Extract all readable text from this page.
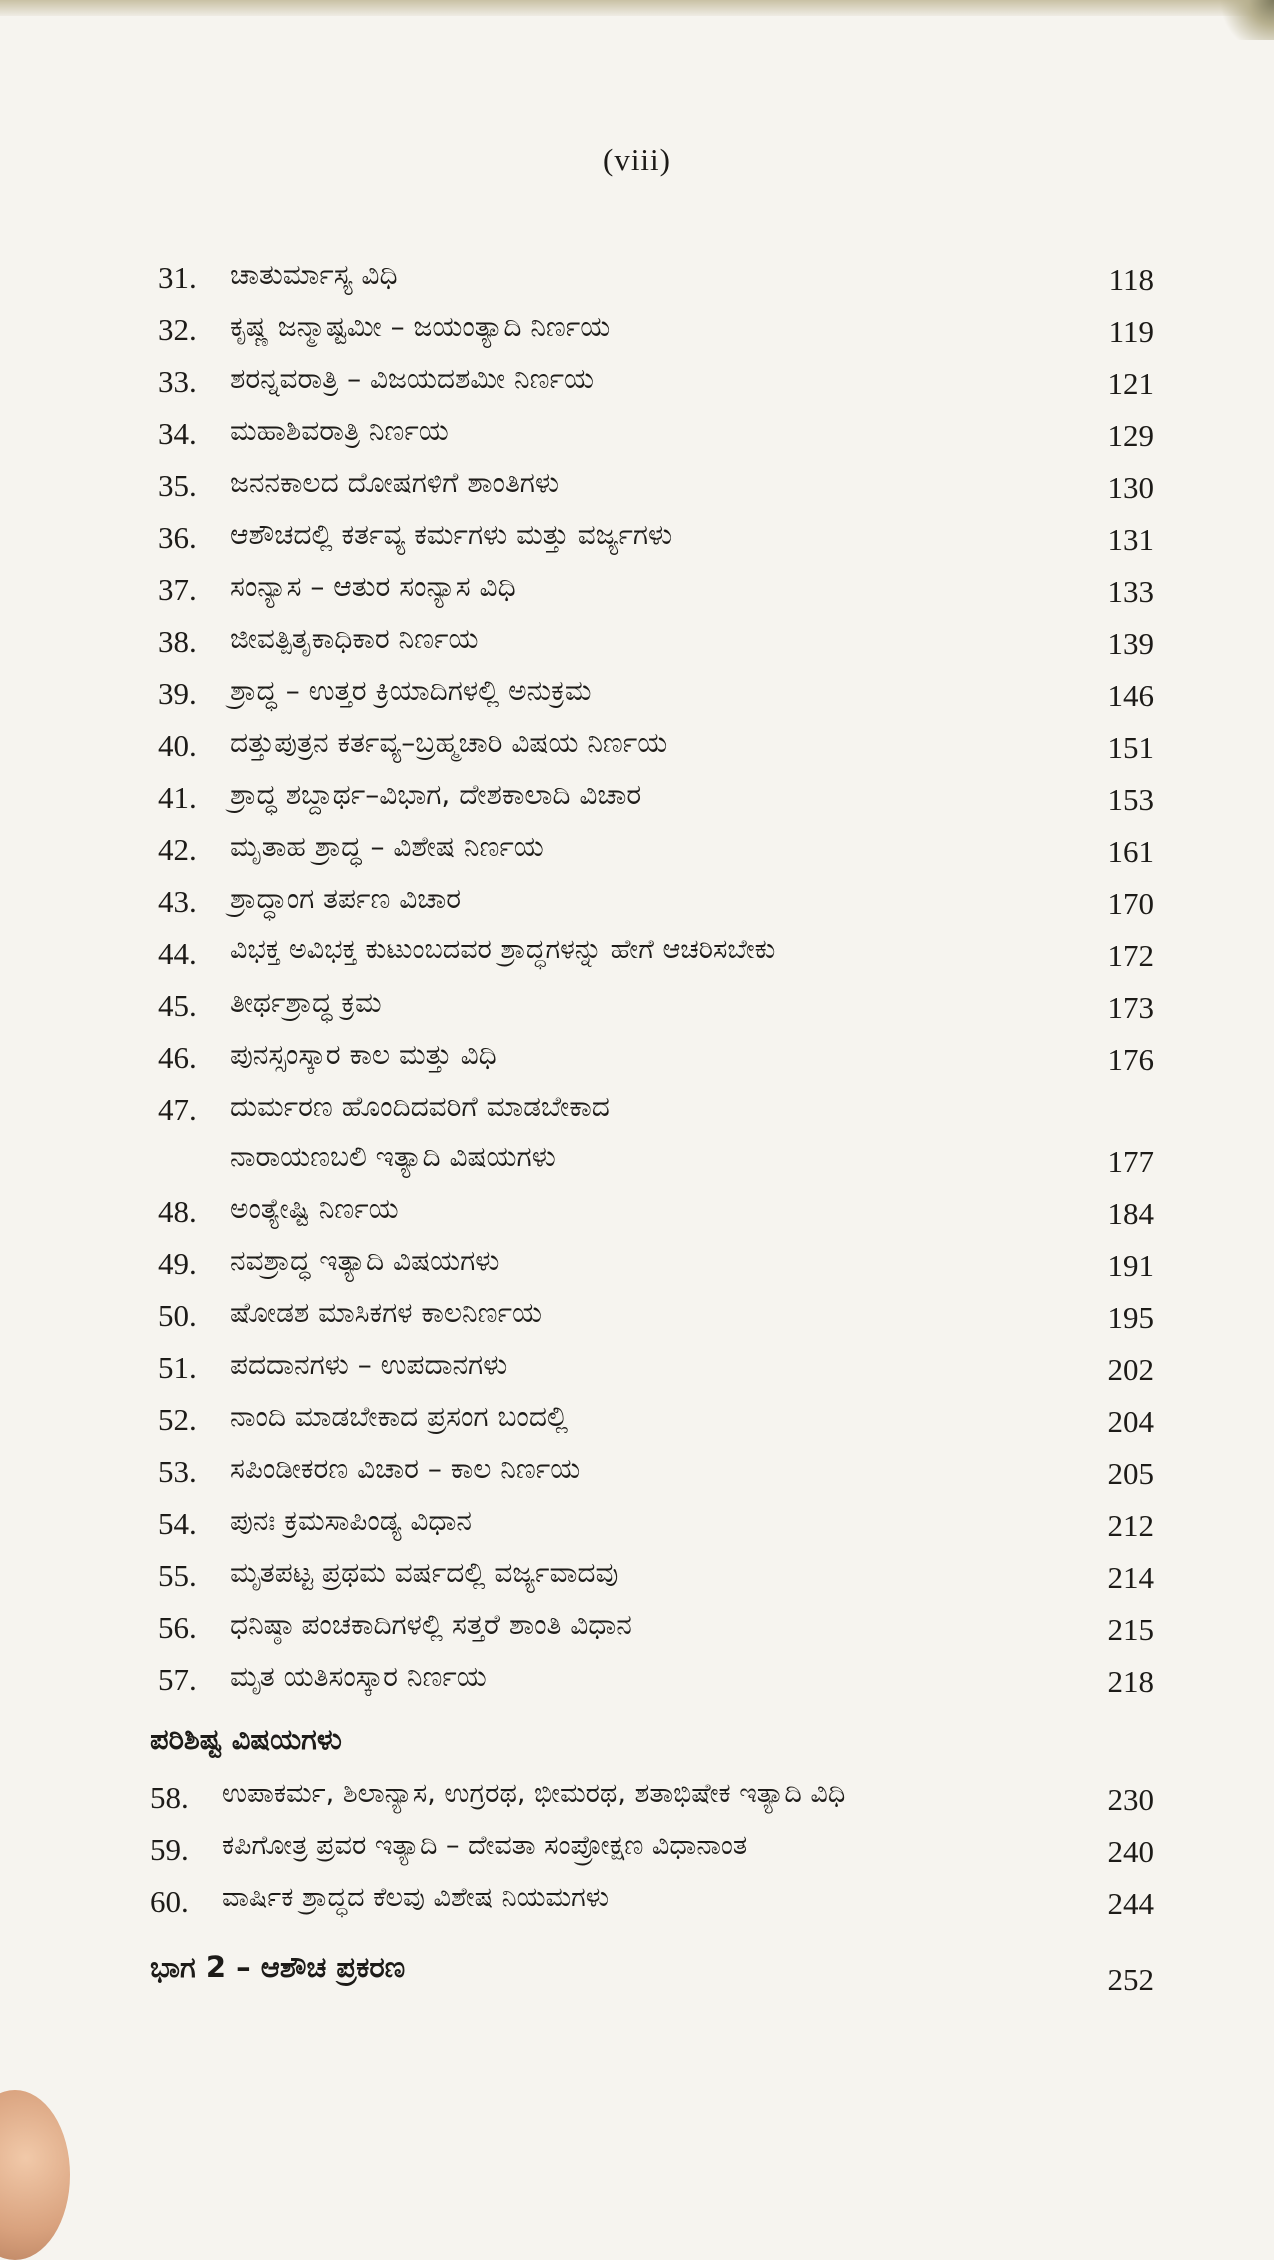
(viii)
31. ಚಾತುರ್ಮಾಸ್ಯ ವಿಧಿ	118
32. ಕೃಷ್ಣ ಜನ್ಮಾಷ್ಟಮೀ – ಜಯಂತ್ಯಾದಿ ನಿರ್ಣಯ	119
33. ಶರನ್ನವರಾತ್ರಿ – ವಿಜಯದಶಮೀ ನಿರ್ಣಯ	121
34. ಮಹಾಶಿವರಾತ್ರಿ ನಿರ್ಣಯ	129
35. ಜನನಕಾಲದ ದೋಷಗಳಿಗೆ ಶಾಂತಿಗಳು	130
36. ಆಶೌಚದಲ್ಲಿ ಕರ್ತವ್ಯ ಕರ್ಮಗಳು ಮತ್ತು ವರ್ಜ್ಯಗಳು	131
37. ಸಂನ್ಯಾಸ – ಆತುರ ಸಂನ್ಯಾಸ ವಿಧಿ	133
38. ಜೀವತ್ಪಿತೃಕಾಧಿಕಾರ ನಿರ್ಣಯ	139
39. ಶ್ರಾದ್ಧ – ಉತ್ತರ ಕ್ರಿಯಾದಿಗಳಲ್ಲಿ ಅನುಕ್ರಮ	146
40. ದತ್ತುಪುತ್ರನ ಕರ್ತವ್ಯ–ಬ್ರಹ್ಮಚಾರಿ ವಿಷಯ ನಿರ್ಣಯ	151
41. ಶ್ರಾದ್ಧ ಶಬ್ದಾರ್ಥ–ವಿಭಾಗ, ದೇಶಕಾಲಾದಿ ವಿಚಾರ	153
42. ಮೃತಾಹ ಶ್ರಾದ್ಧ – ವಿಶೇಷ ನಿರ್ಣಯ	161
43. ಶ್ರಾದ್ಧಾಂಗ ತರ್ಪಣ ವಿಚಾರ	170
44. ವಿಭಕ್ತ ಅವಿಭಕ್ತ ಕುಟುಂಬದವರ ಶ್ರಾದ್ಧಗಳನ್ನು ಹೇಗೆ ಆಚರಿಸಬೇಕು	172
45. ತೀರ್ಥಶ್ರಾದ್ಧ ಕ್ರಮ	173
46. ಪುನಸ್ಸಂಸ್ಕಾರ ಕಾಲ ಮತ್ತು ವಿಧಿ	176
47. ದುರ್ಮರಣ ಹೊಂದಿದವರಿಗೆ ಮಾಡಬೇಕಾದ
ನಾರಾಯಣಬಲಿ ಇತ್ಯಾದಿ ವಿಷಯಗಳು	177
48. ಅಂತ್ಯೇಷ್ಟಿ ನಿರ್ಣಯ	184
49. ನವಶ್ರಾದ್ಧ ಇತ್ಯಾದಿ ವಿಷಯಗಳು	191
50. ಷೋಡಶ ಮಾಸಿಕಗಳ ಕಾಲನಿರ್ಣಯ	195
51. ಪದದಾನಗಳು – ಉಪದಾನಗಳು	202
52. ನಾಂದಿ ಮಾಡಬೇಕಾದ ಪ್ರಸಂಗ ಬಂದಲ್ಲಿ	204
53. ಸಪಿಂಡೀಕರಣ ವಿಚಾರ – ಕಾಲ ನಿರ್ಣಯ	205
54. ಪುನಃ ಕ್ರಮಸಾಪಿಂಡ್ಯ ವಿಧಾನ	212
55. ಮೃತಪಟ್ಟ ಪ್ರಥಮ ವರ್ಷದಲ್ಲಿ ವರ್ಜ್ಯವಾದವು	214
56. ಧನಿಷ್ಠಾ ಪಂಚಕಾದಿಗಳಲ್ಲಿ ಸತ್ತರೆ ಶಾಂತಿ ವಿಧಾನ	215
57. ಮೃತ ಯತಿಸಂಸ್ಕಾರ ನಿರ್ಣಯ	218
ಪರಿಶಿಷ್ಟ ವಿಷಯಗಳು
58. ಉಪಾಕರ್ಮ, ಶಿಲಾನ್ಯಾಸ, ಉಗ್ರರಥ, ಭೀಮರಥ, ಶತಾಭಿಷೇಕ ಇತ್ಯಾದಿ ವಿಧಿ	230
59. ಕಪಿಗೋತ್ರ ಪ್ರವರ ಇತ್ಯಾದಿ – ದೇವತಾ ಸಂಪ್ರೋಕ್ಷಣ ವಿಧಾನಾಂತ	240
60. ವಾರ್ಷಿಕ ಶ್ರಾದ್ಧದ ಕೆಲವು ವಿಶೇಷ ನಿಯಮಗಳು	244
ಭಾಗ 2 – ಆಶೌಚ ಪ್ರಕರಣ	252
